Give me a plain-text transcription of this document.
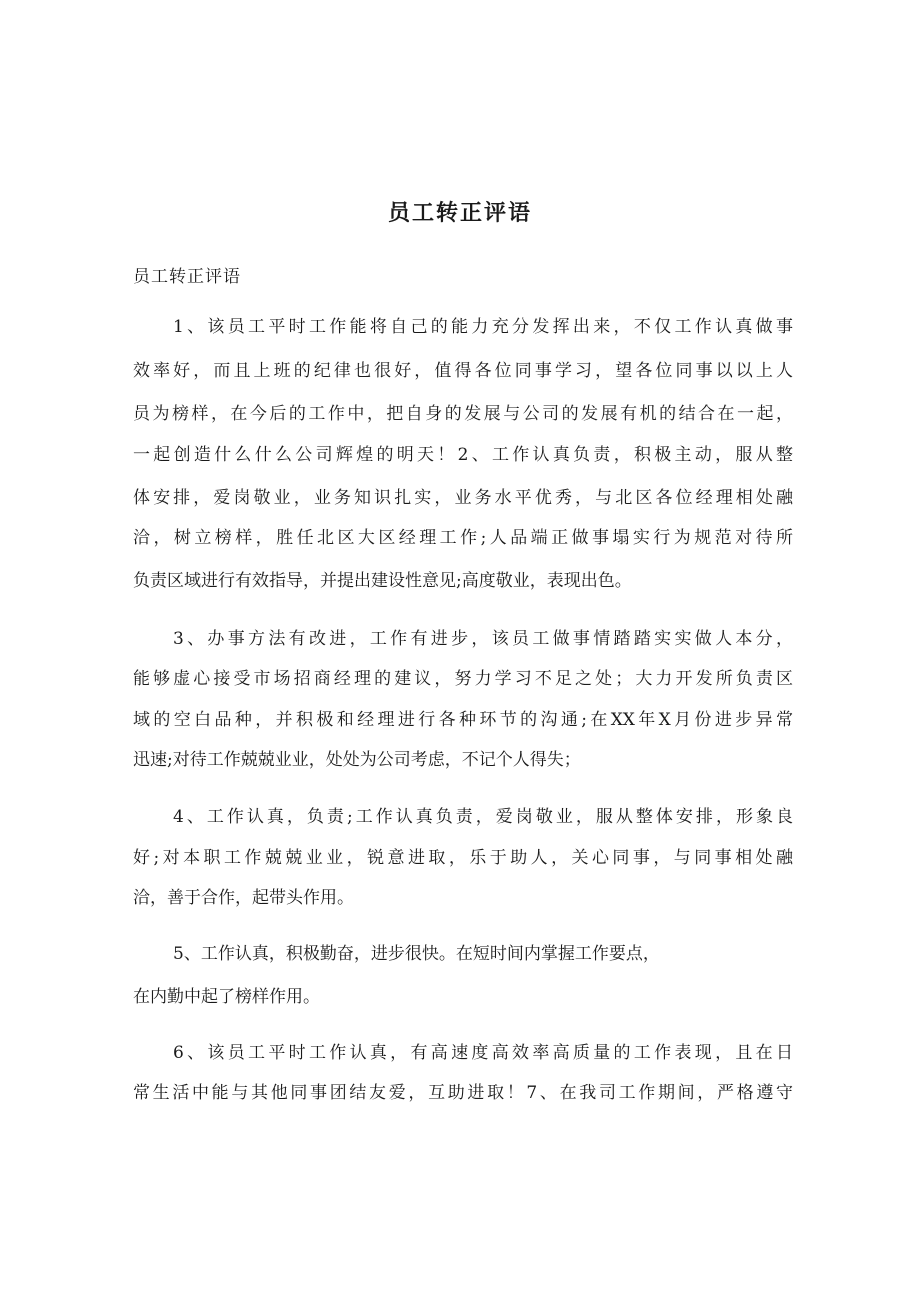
员工转正评语

员工转正评语

1、该员工平时工作能将自己的能力充分发挥出来，不仅工作认真做事

效率好，而且上班的纪律也很好，值得各位同事学习，望各位同事以以上人

员为榜样，在今后的工作中，把自身的发展与公司的发展有机的结合在一起，

一起创造什么什么公司辉煌的明天！2、工作认真负责，积极主动，服从整

体安排，爱岗敬业，业务知识扎实，业务水平优秀，与北区各位经理相处融

洽，树立榜样，胜任北区大区经理工作;人品端正做事塌实行为规范对待所

负责区域进行有效指导，并提出建设性意见;高度敬业，表现出色。

3、办事方法有改进，工作有进步，该员工做事情踏踏实实做人本分，

能够虚心接受市场招商经理的建议，努力学习不足之处；大力开发所负责区

域的空白品种，并积极和经理进行各种环节的沟通;在XX年X月份进步异常

迅速;对待工作兢兢业业，处处为公司考虑，不记个人得失；

4、工作认真，负责;工作认真负责，爱岗敬业，服从整体安排，形象良

好;对本职工作兢兢业业，锐意进取，乐于助人，关心同事，与同事相处融

洽，善于合作，起带头作用。

5、工作认真，积极勤奋，进步很快。在短时间内掌握工作要点，

在内勤中起了榜样作用。

6、该员工平时工作认真，有高速度高效率高质量的工作表现，且在日

常生活中能与其他同事团结友爱，互助进取！7、在我司工作期间，严格遵守
